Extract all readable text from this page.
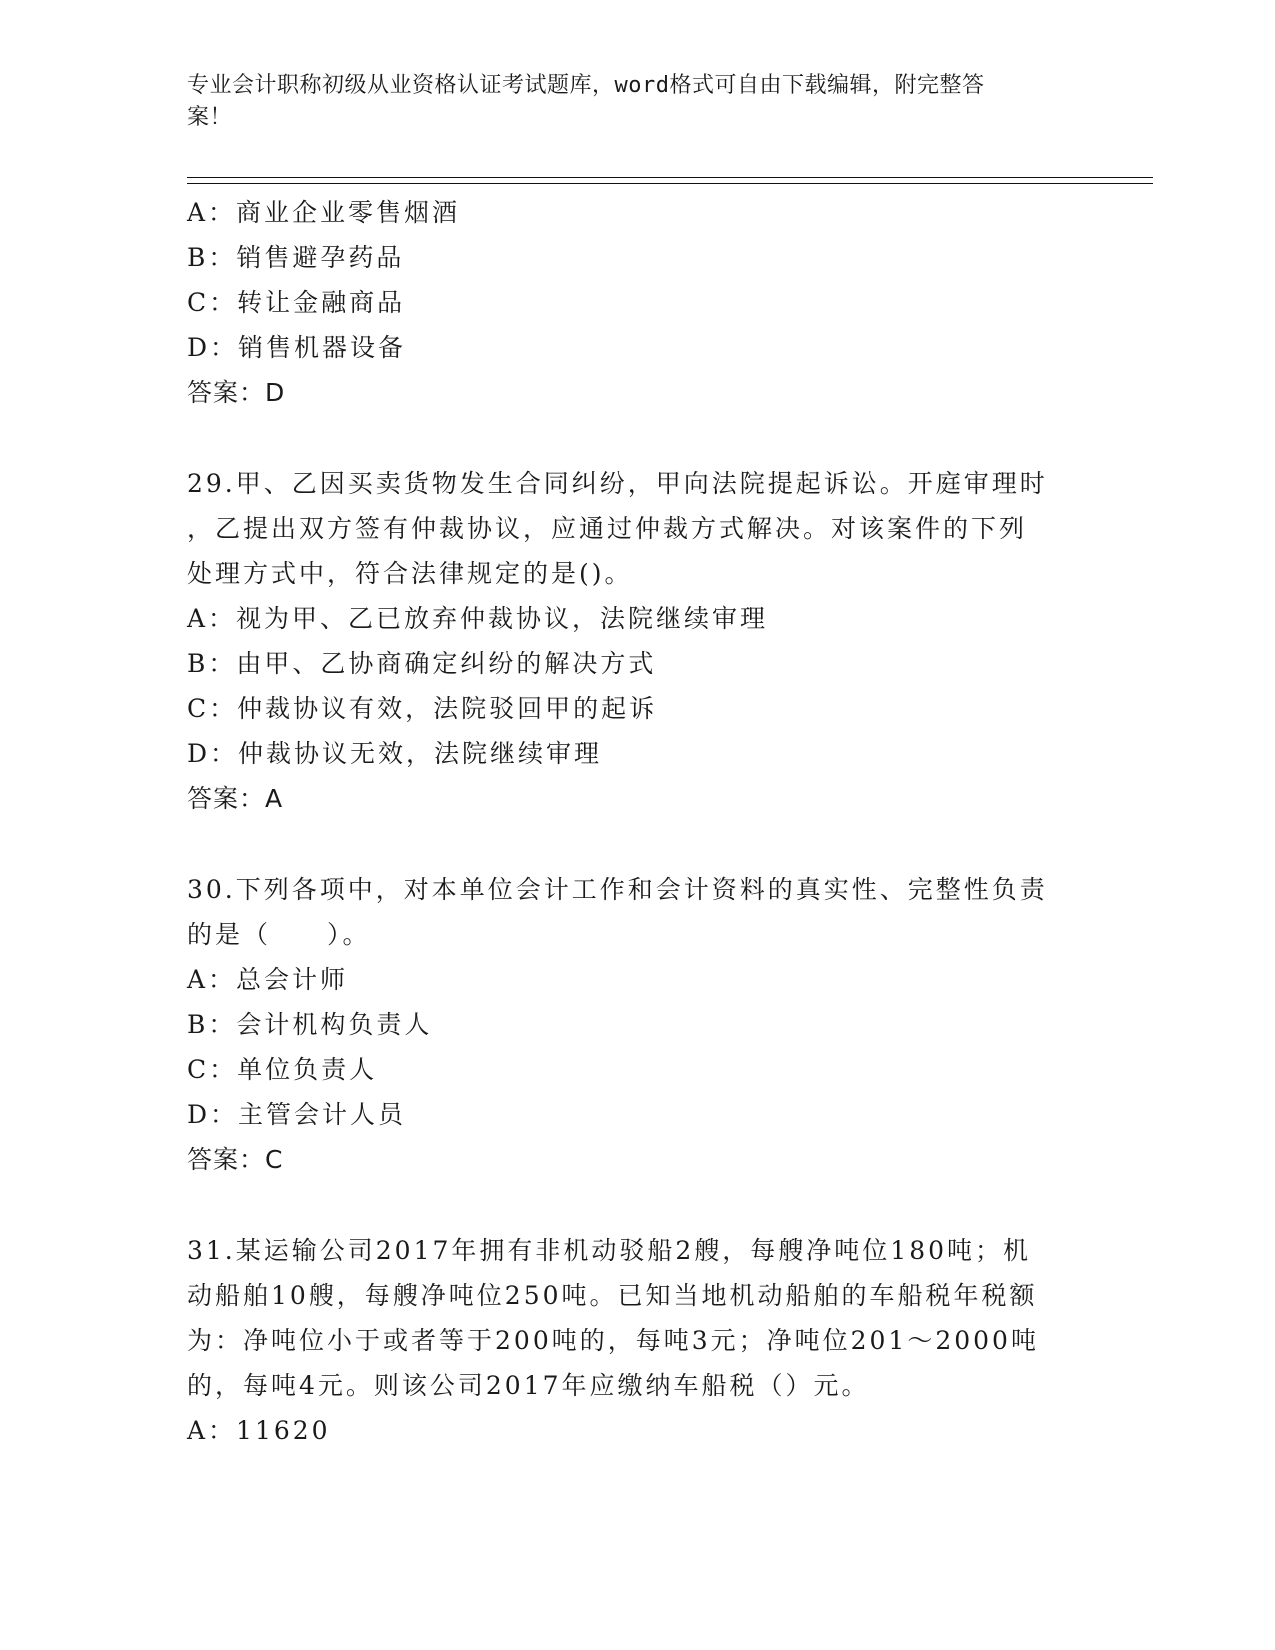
专业会计职称初级从业资格认证考试题库，word格式可自由下载编辑，附完整答
案！
A：商业企业零售烟酒
B：销售避孕药品
C：转让金融商品
D：销售机器设备
答案：D
29.甲、乙因买卖货物发生合同纠纷，甲向法院提起诉讼。开庭审理时
，乙提出双方签有仲裁协议，应通过仲裁方式解决。对该案件的下列
处理方式中，符合法律规定的是()。
A：视为甲、乙已放弃仲裁协议，法院继续审理
B：由甲、乙协商确定纠纷的解决方式
C：仲裁协议有效，法院驳回甲的起诉
D：仲裁协议无效，法院继续审理
答案：A
30.下列各项中，对本单位会计工作和会计资料的真实性、完整性负责
的是（　　）。
A：总会计师
B：会计机构负责人
C：单位负责人
D：主管会计人员
答案：C
31.某运输公司2017年拥有非机动驳船2艘，每艘净吨位180吨；机
动船舶10艘，每艘净吨位250吨。已知当地机动船舶的车船税年税额
为：净吨位小于或者等于200吨的，每吨3元；净吨位201～2000吨
的，每吨4元。则该公司2017年应缴纳车船税（）元。
A：11620
